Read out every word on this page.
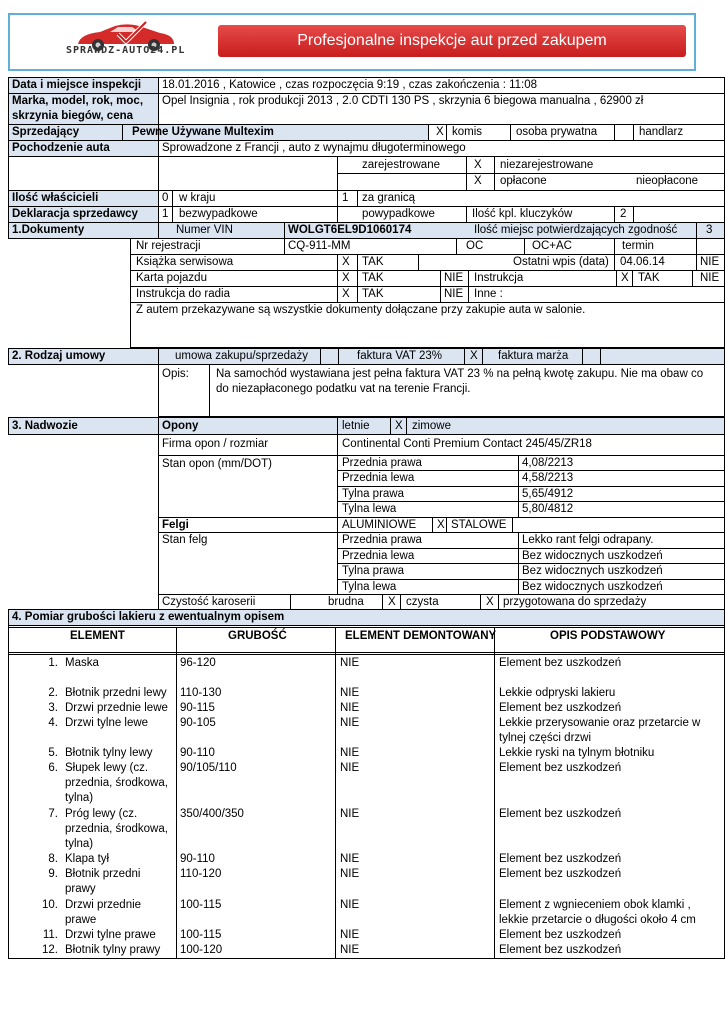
SPRAWDZ-AUTO24.PL
Profesjonalne inspekcje aut przed zakupem
Data i miejsce inspekcji 18.01.2016 , Katowice , czas rozpoczęcia 9:19 , czas zakończenia : 11:08
Marka, model, rok, moc,
skrzynia biegów, cena
Opel Insignia , rok produkcji 2013 , 2.0 CDTI 130 PS , skrzynia 6 biegowa manualna , 62900 zł
Sprzedający	Pewne Używane Multexim	X komis	osoba prywatna	handlarz
Pochodzenie auta	Sprowadzone z Francji , auto z wynajmu długoterminowego
zarejestrowane	X niezarejestrowane
X opłacone	nieopłacone
Ilość właścicieli	0 w kraju	1 za granicą
Deklaracja sprzedawcy 1 bezwypadkowe	powypadkowe	Ilość kpl. kluczyków	2
1.Dokumenty	Numer VIN	WOLGT6EL9D1060174	Ilość miejsc potwierdzających zgodność 3
Nr rejestracji	CQ-911-MM	OC	OC+AC	termin
Książka serwisowa	X TAK	Ostatni wpis (data) 04.06.14	NIE
Karta pojazdu	X TAK	NIE Instrukcja	X TAK	NIE
Instrukcja do radia	X TAK	NIE Inne :
Z autem przekazywane są wszystkie dokumenty dołączane przy zakupie auta w salonie.
2. Rodzaj umowy	umowa zakupu/sprzedaży	faktura VAT 23% X faktura marża
Opis: Na samochód wystawiana jest pełna faktura VAT 23 % na pełną kwotę zakupu. Nie ma obaw co do niezapłaconego podatku vat na terenie Francji.
3. Nadwozie	Opony	letnie X zimowe
Firma opon / rozmiar	Continental Conti Premium Contact 245/45/ZR18
Stan opon (mm/DOT)	Przednia prawa	4,08/2213
Przednia lewa	4,58/2213
Tylna prawa	5,65/4912
Tylna lewa	5,80/4812
Felgi	ALUMINIOWE X STALOWE
Stan felg	Przednia prawa	Lekko rant felgi odrapany.
Przednia lewa	Bez widocznych uszkodzeń
Tylna prawa	Bez widocznych uszkodzeń
Tylna lewa	Bez widocznych uszkodzeń
Czystość karoserii	brudna X czysta	X przygotowana do sprzedaży
4. Pomiar grubości lakieru z ewentualnym opisem
ELEMENT	GRUBOŚĆ	ELEMENT DEMONTOWANY	OPIS PODSTAWOWY
1. Maska	96-120	NIE	Element bez uszkodzeń
2. Błotnik przedni lewy 110-130	NIE	Lekkie odpryski lakieru
3. Drzwi przednie lewe 90-115	NIE	Element bez uszkodzeń
4. Drzwi tylne lewe	90-105	NIE	Lekkie przerysowanie oraz przetarcie w
tylnej części drzwi
5. Błotnik tylny lewy 90-110	NIE	Lekkie ryski na tylnym błotniku
6. Słupek lewy (cz.
przednia, środkowa,
tylna)
90/105/110	NIE	Element bez uszkodzeń
7. Próg lewy (cz.
przednia, środkowa,
tylna)
350/400/350	NIE	Element bez uszkodzeń
8. Klapa tył	90-110	NIE	Element bez uszkodzeń
9. Błotnik przedni
prawy
110-120	NIE	Element bez uszkodzeń
10. Drzwi przednie
prawe
100-115	NIE	Element z wgnieceniem obok klamki ,
lekkie przetarcie o długości około 4 cm
11. Drzwi tylne prawe 100-115	NIE	Element bez uszkodzeń
12. Błotnik tylny prawy 100-120	NIE	Element bez uszkodzeń
